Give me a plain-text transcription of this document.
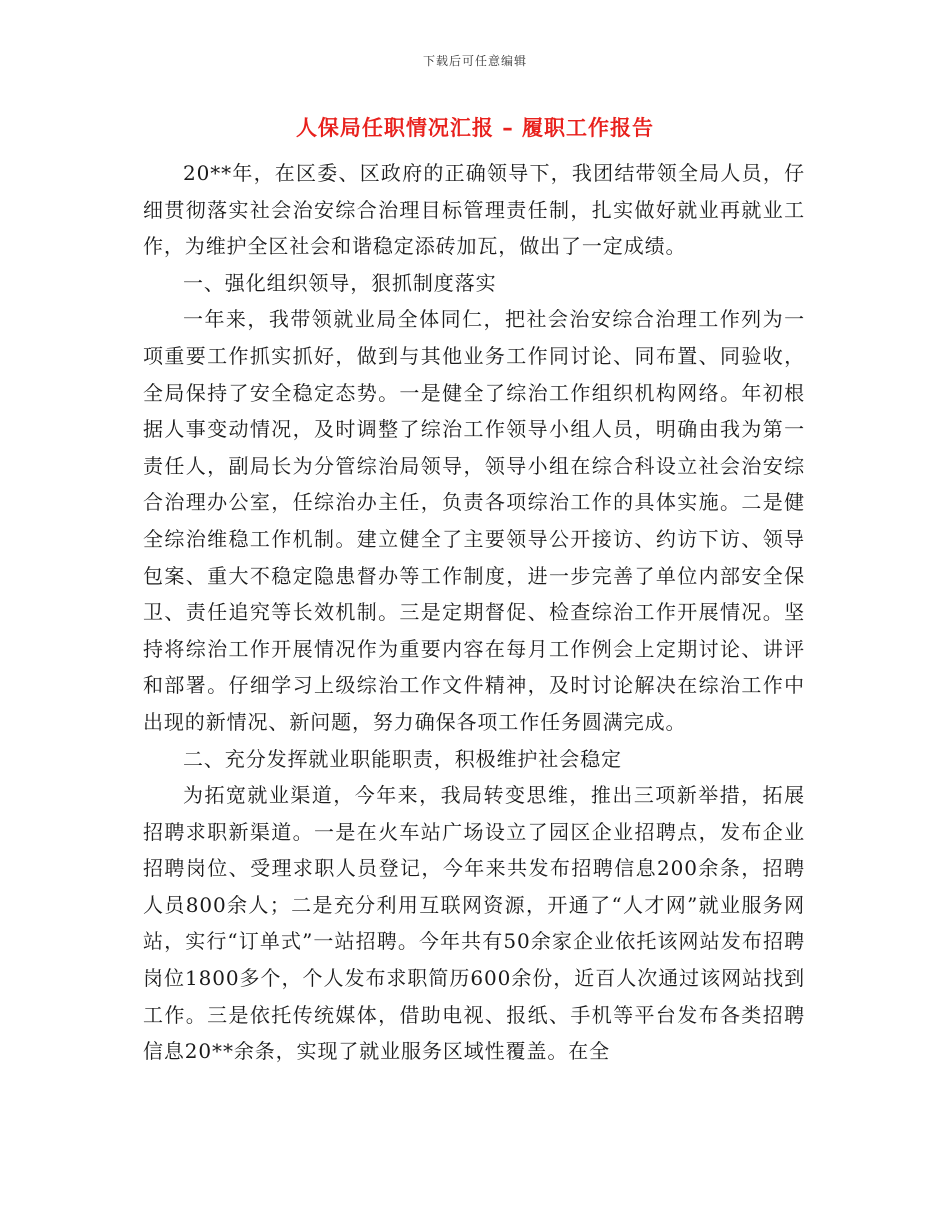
下载后可任意编辑
人保局任职情况汇报 – 履职工作报告

20**年，在区委、区政府的正确领导下，我团结带领全局人员，仔细贯彻落实社会治安综合治理目标管理责任制，扎实做好就业再就业工作，为维护全区社会和谐稳定添砖加瓦，做出了一定成绩。

一、强化组织领导，狠抓制度落实

一年来，我带领就业局全体同仁，把社会治安综合治理工作列为一项重要工作抓实抓好，做到与其他业务工作同讨论、同布置、同验收，全局保持了安全稳定态势。一是健全了综治工作组织机构网络。年初根据人事变动情况，及时调整了综治工作领导小组人员，明确由我为第一责任人，副局长为分管综治局领导，领导小组在综合科设立社会治安综合治理办公室，任综治办主任，负责各项综治工作的具体实施。二是健全综治维稳工作机制。建立健全了主要领导公开接访、约访下访、领导包案、重大不稳定隐患督办等工作制度，进一步完善了单位内部安全保卫、责任追究等长效机制。三是定期督促、检查综治工作开展情况。坚持将综治工作开展情况作为重要内容在每月工作例会上定期讨论、讲评和部署。仔细学习上级综治工作文件精神，及时讨论解决在综治工作中出现的新情况、新问题，努力确保各项工作任务圆满完成。

二、充分发挥就业职能职责，积极维护社会稳定

为拓宽就业渠道，今年来，我局转变思维，推出三项新举措，拓展招聘求职新渠道。一是在火车站广场设立了园区企业招聘点，发布企业招聘岗位、受理求职人员登记，今年来共发布招聘信息200余条，招聘人员800余人；二是充分利用互联网资源，开通了“人才网”就业服务网站，实行“订单式”一站招聘。今年共有50余家企业依托该网站发布招聘岗位1800多个，个人发布求职简历600余份，近百人次通过该网站找到工作。三是依托传统媒体，借助电视、报纸、手机等平台发布各类招聘信息20**余条，实现了就业服务区域性覆盖。在全
